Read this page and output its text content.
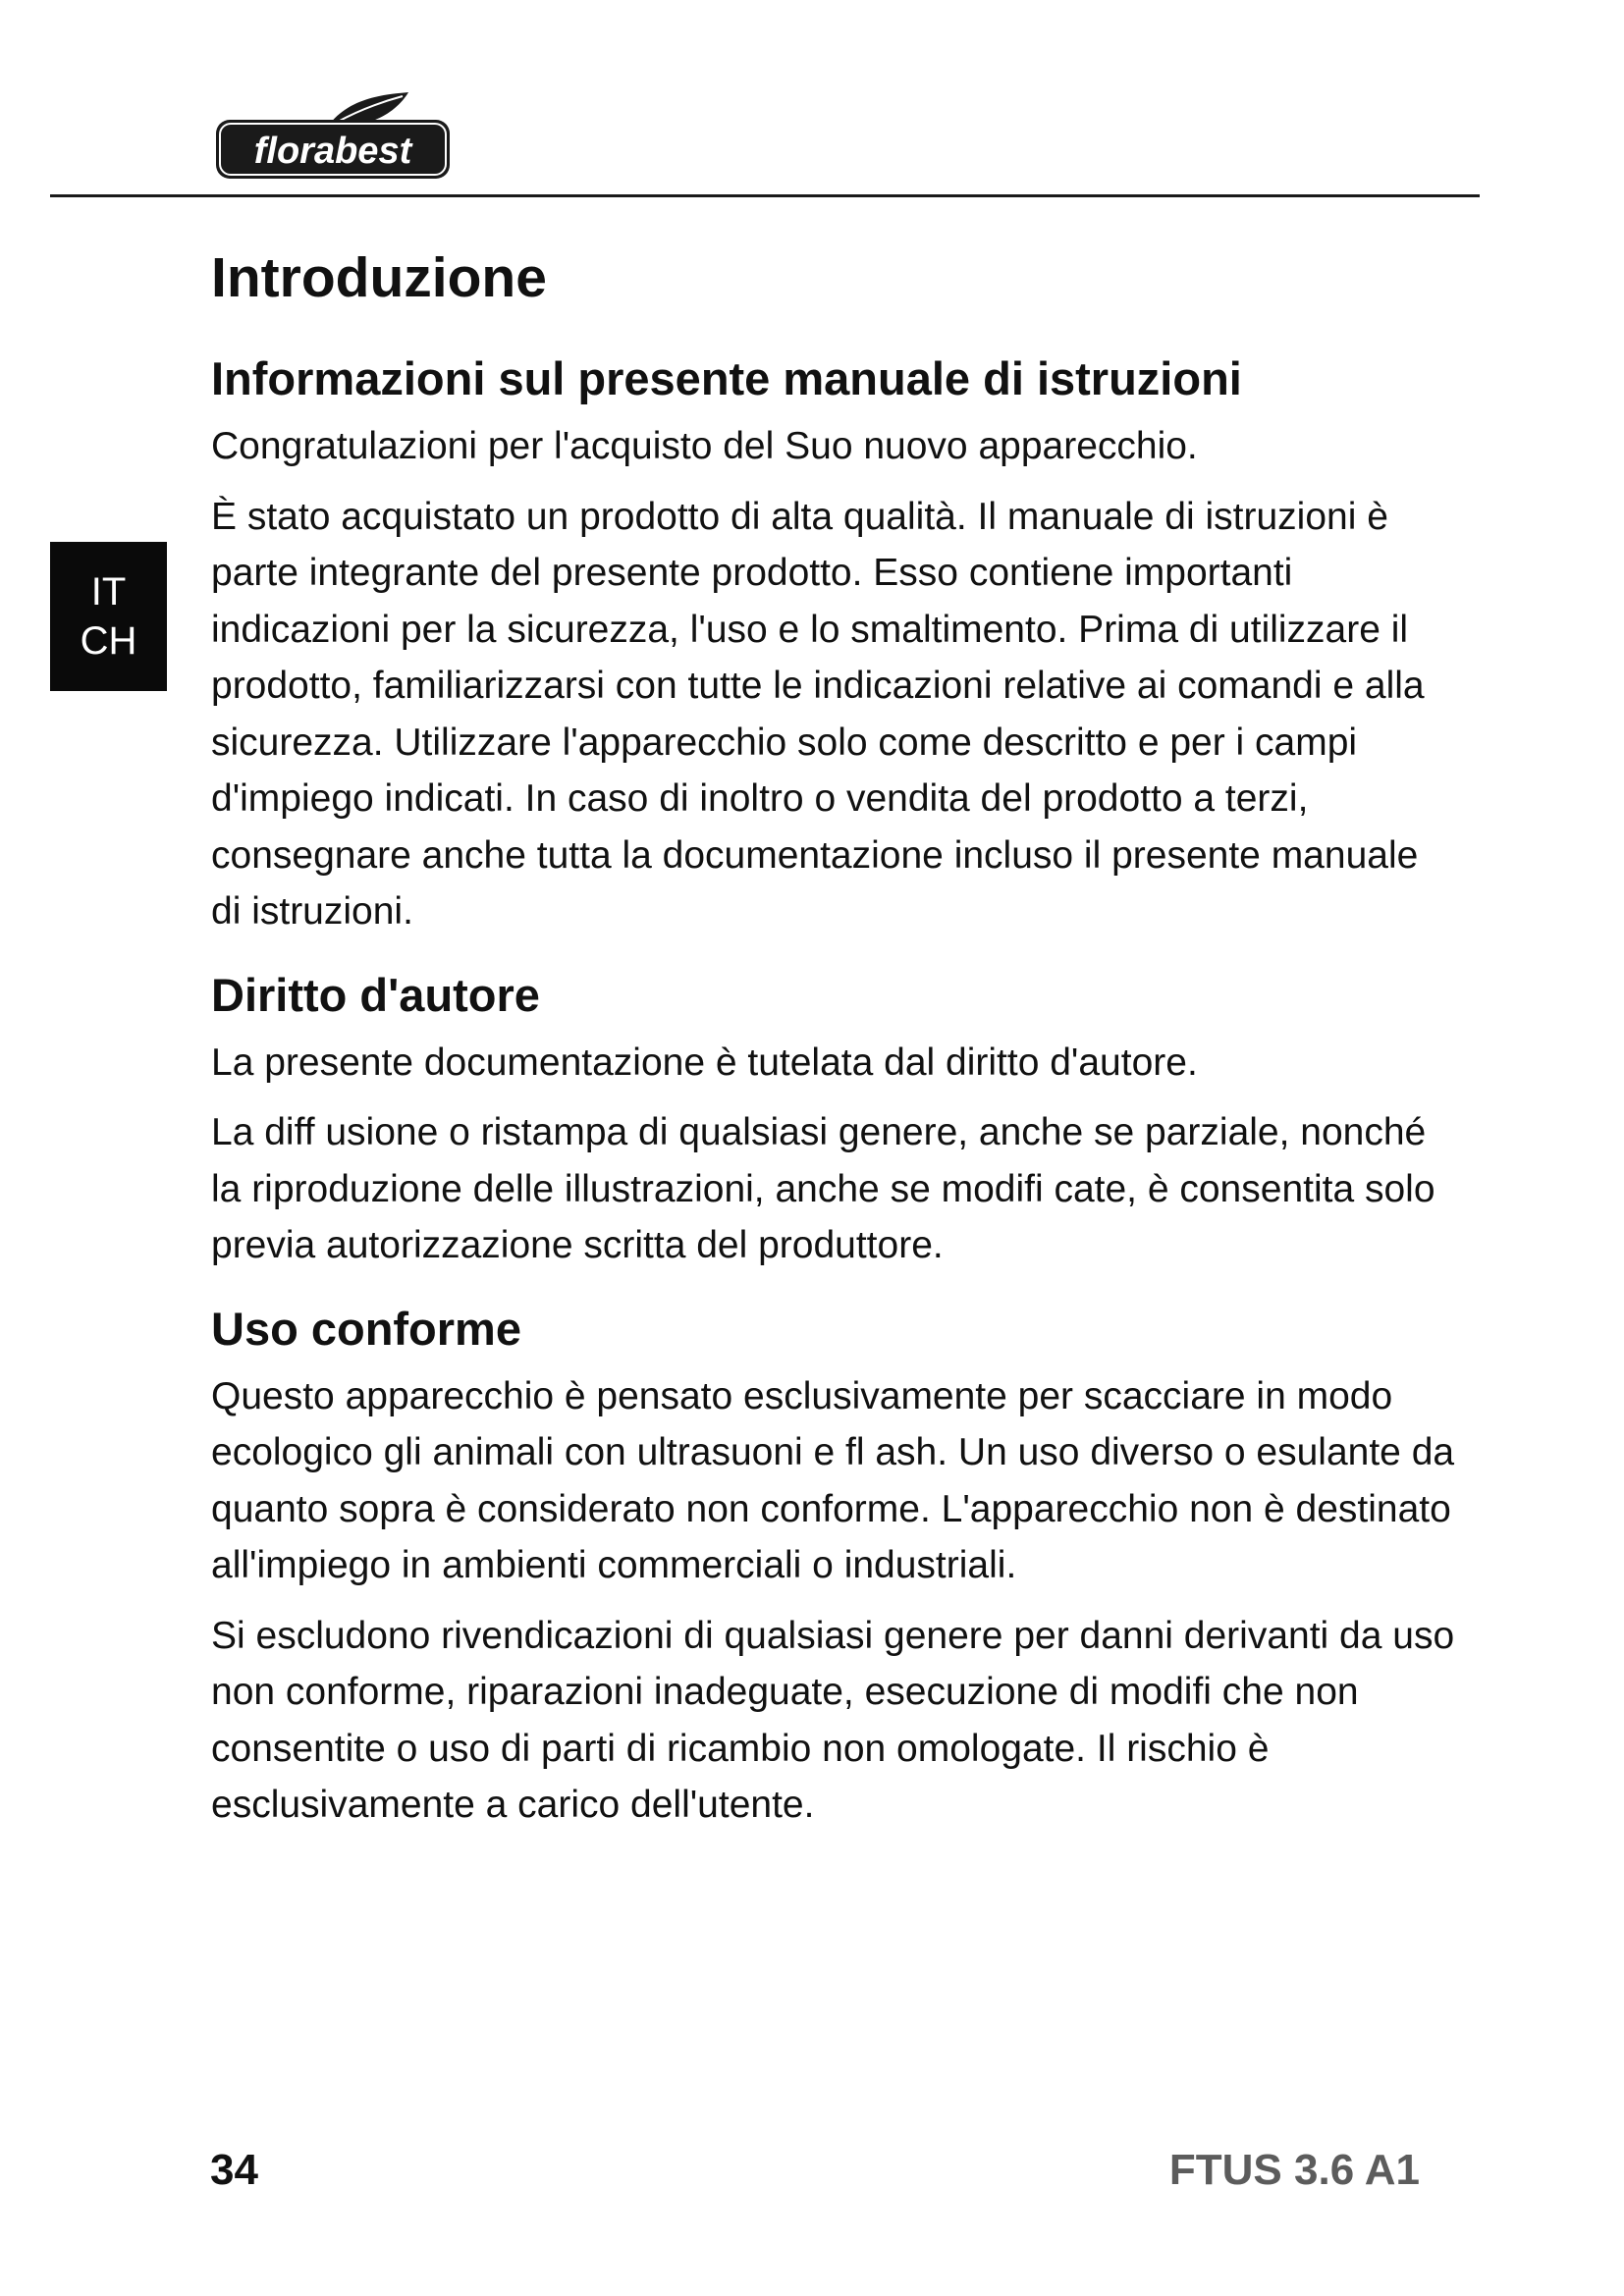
florabest
IT
CH
Introduzione
Informazioni sul presente manuale di istruzioni

Congratulazioni per l'acquisto del Suo nuovo apparecchio.

È stato acquistato un prodotto di alta qualità. Il manuale di istruzioni è parte integrante del presente prodotto. Esso contiene importanti indicazioni per la sicurezza, l'uso e lo smaltimento. Prima di utilizzare il prodotto, familiarizzarsi con tutte le indicazioni relative ai comandi e alla sicurezza. Utilizzare l'apparecchio solo come descritto e per i campi d'impiego indicati. In caso di inoltro o vendita del prodotto a terzi, consegnare anche tutta la documentazione incluso il presente manuale di istruzioni.

Diritto d'autore

La presente documentazione è tutelata dal diritto d'autore.

La diff usione o ristampa di qualsiasi genere, anche se parziale, nonché la riproduzione delle illustrazioni, anche se modifi cate, è consentita solo previa autorizzazione scritta del produttore.

Uso conforme

Questo apparecchio è pensato esclusivamente per scacciare in modo ecologico gli animali con ultrasuoni e fl ash. Un uso diverso o esulante da quanto sopra è considerato non conforme. L'apparecchio non è destinato all'impiego in ambienti commerciali o industriali.

Si escludono rivendicazioni di qualsiasi genere per danni derivanti da uso non conforme, riparazioni inadeguate, esecuzione di modifi che non consentite o uso di parti di ricambio non omologate. Il rischio è esclusivamente a carico dell'utente.

34	FTUS 3.6 A1
